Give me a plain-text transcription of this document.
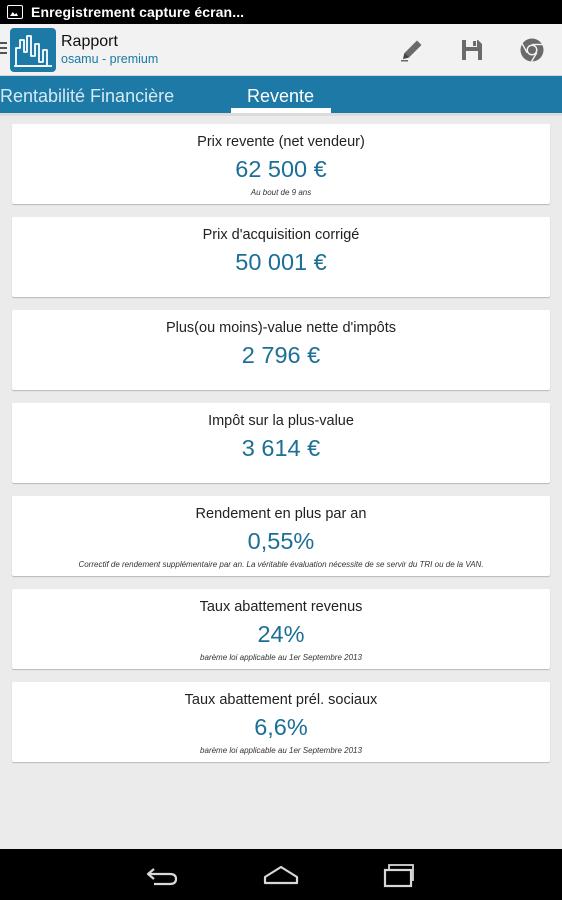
Enregistrement capture écran...
Rapport
osamu - premium
Rentabilité Financière	Revente
Prix revente (net vendeur)
62 500 €
Au bout de 9 ans
Prix d'acquisition corrigé
50 001 €
Plus(ou moins)-value nette d'impôts
2 796 €
Impôt sur la plus-value
3 614 €
Rendement en plus par an
0,55%
Correctif de rendement supplémentaire par an. La véritable évaluation nécessite de se servir du TRI ou de la VAN.
Taux abattement revenus
24%
barème loi applicable au 1er Septembre 2013
Taux abattement prél. sociaux
6,6%
barème loi applicable au 1er Septembre 2013
